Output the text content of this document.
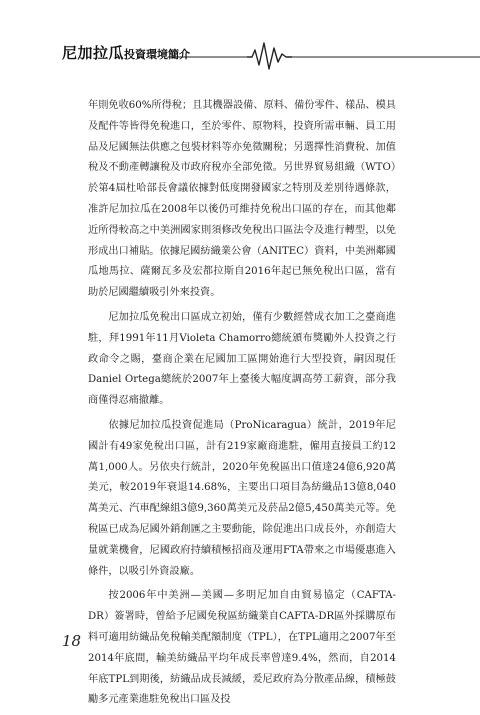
尼加拉瓜投資環境簡介

年則免收60%所得稅；且其機器設備、原料、備份零件、樣品、模具及配件等皆得免稅進口，至於零件、原物料，投資所需車輛、員工用品及尼國無法供應之包裝材料等亦免徵關稅；另選擇性消費稅、加值稅及不動產轉讓稅及市政府稅亦全部免徵。另世界貿易組織（WTO）於第4屆杜哈部長會議依據對低度開發國家之特別及差別待遇條款，准許尼加拉瓜在2008年以後仍可維持免稅出口區的存在，而其他鄰近所得較高之中美洲國家則須修改免稅出口區法令及進行轉型，以免形成出口補貼。依據尼國紡織業公會（ANITEC）資料，中美洲鄰國瓜地馬拉、薩爾瓦多及宏都拉斯自2016年起已無免稅出口區，當有助於尼國繼續吸引外來投資。

尼加拉瓜免稅出口區成立初始，僅有少數經營成衣加工之臺商進駐，拜1991年11月Violeta Chamorro總統頒布獎勵外人投資之行政命令之賜，臺商企業在尼國加工區開始進行大型投資，嗣因現任Daniel Ortega總統於2007年上臺後大幅度調高勞工薪資，部分我商僅得忍痛撤離。

依據尼加拉瓜投資促進局（ProNicaragua）統計，2019年尼國計有49家免稅出口區，計有219家廠商進駐，僱用直接員工約12萬1,000人。另依央行統計，2020年免稅區出口值達24億6,920萬美元，較2019年衰退14.68%，主要出口項目為紡織品13億8,040萬美元、汽車配線組3億9,360萬美元及菸品2億5,450萬美元等。免稅區已成為尼國外銷創匯之主要動能，除促進出口成長外，亦創造大量就業機會，尼國政府持續積極招商及運用FTA帶來之市場優惠進入條件，以吸引外資設廠。

按2006年中美洲—美國—多明尼加自由貿易協定（CAFTA-DR）簽署時，曾給予尼國免稅區紡織業自CAFTA-DR區外採購原布料可適用紡織品免稅輸美配額制度（TPL），在TPL適用之2007年至2014年底間，輸美紡織品平均年成長率曾達9.4%，然而，自2014年底TPL到期後，紡織品成長減緩，爰尼政府為分散產品線，積極鼓勵多元產業進駐免稅出口區及投

18
